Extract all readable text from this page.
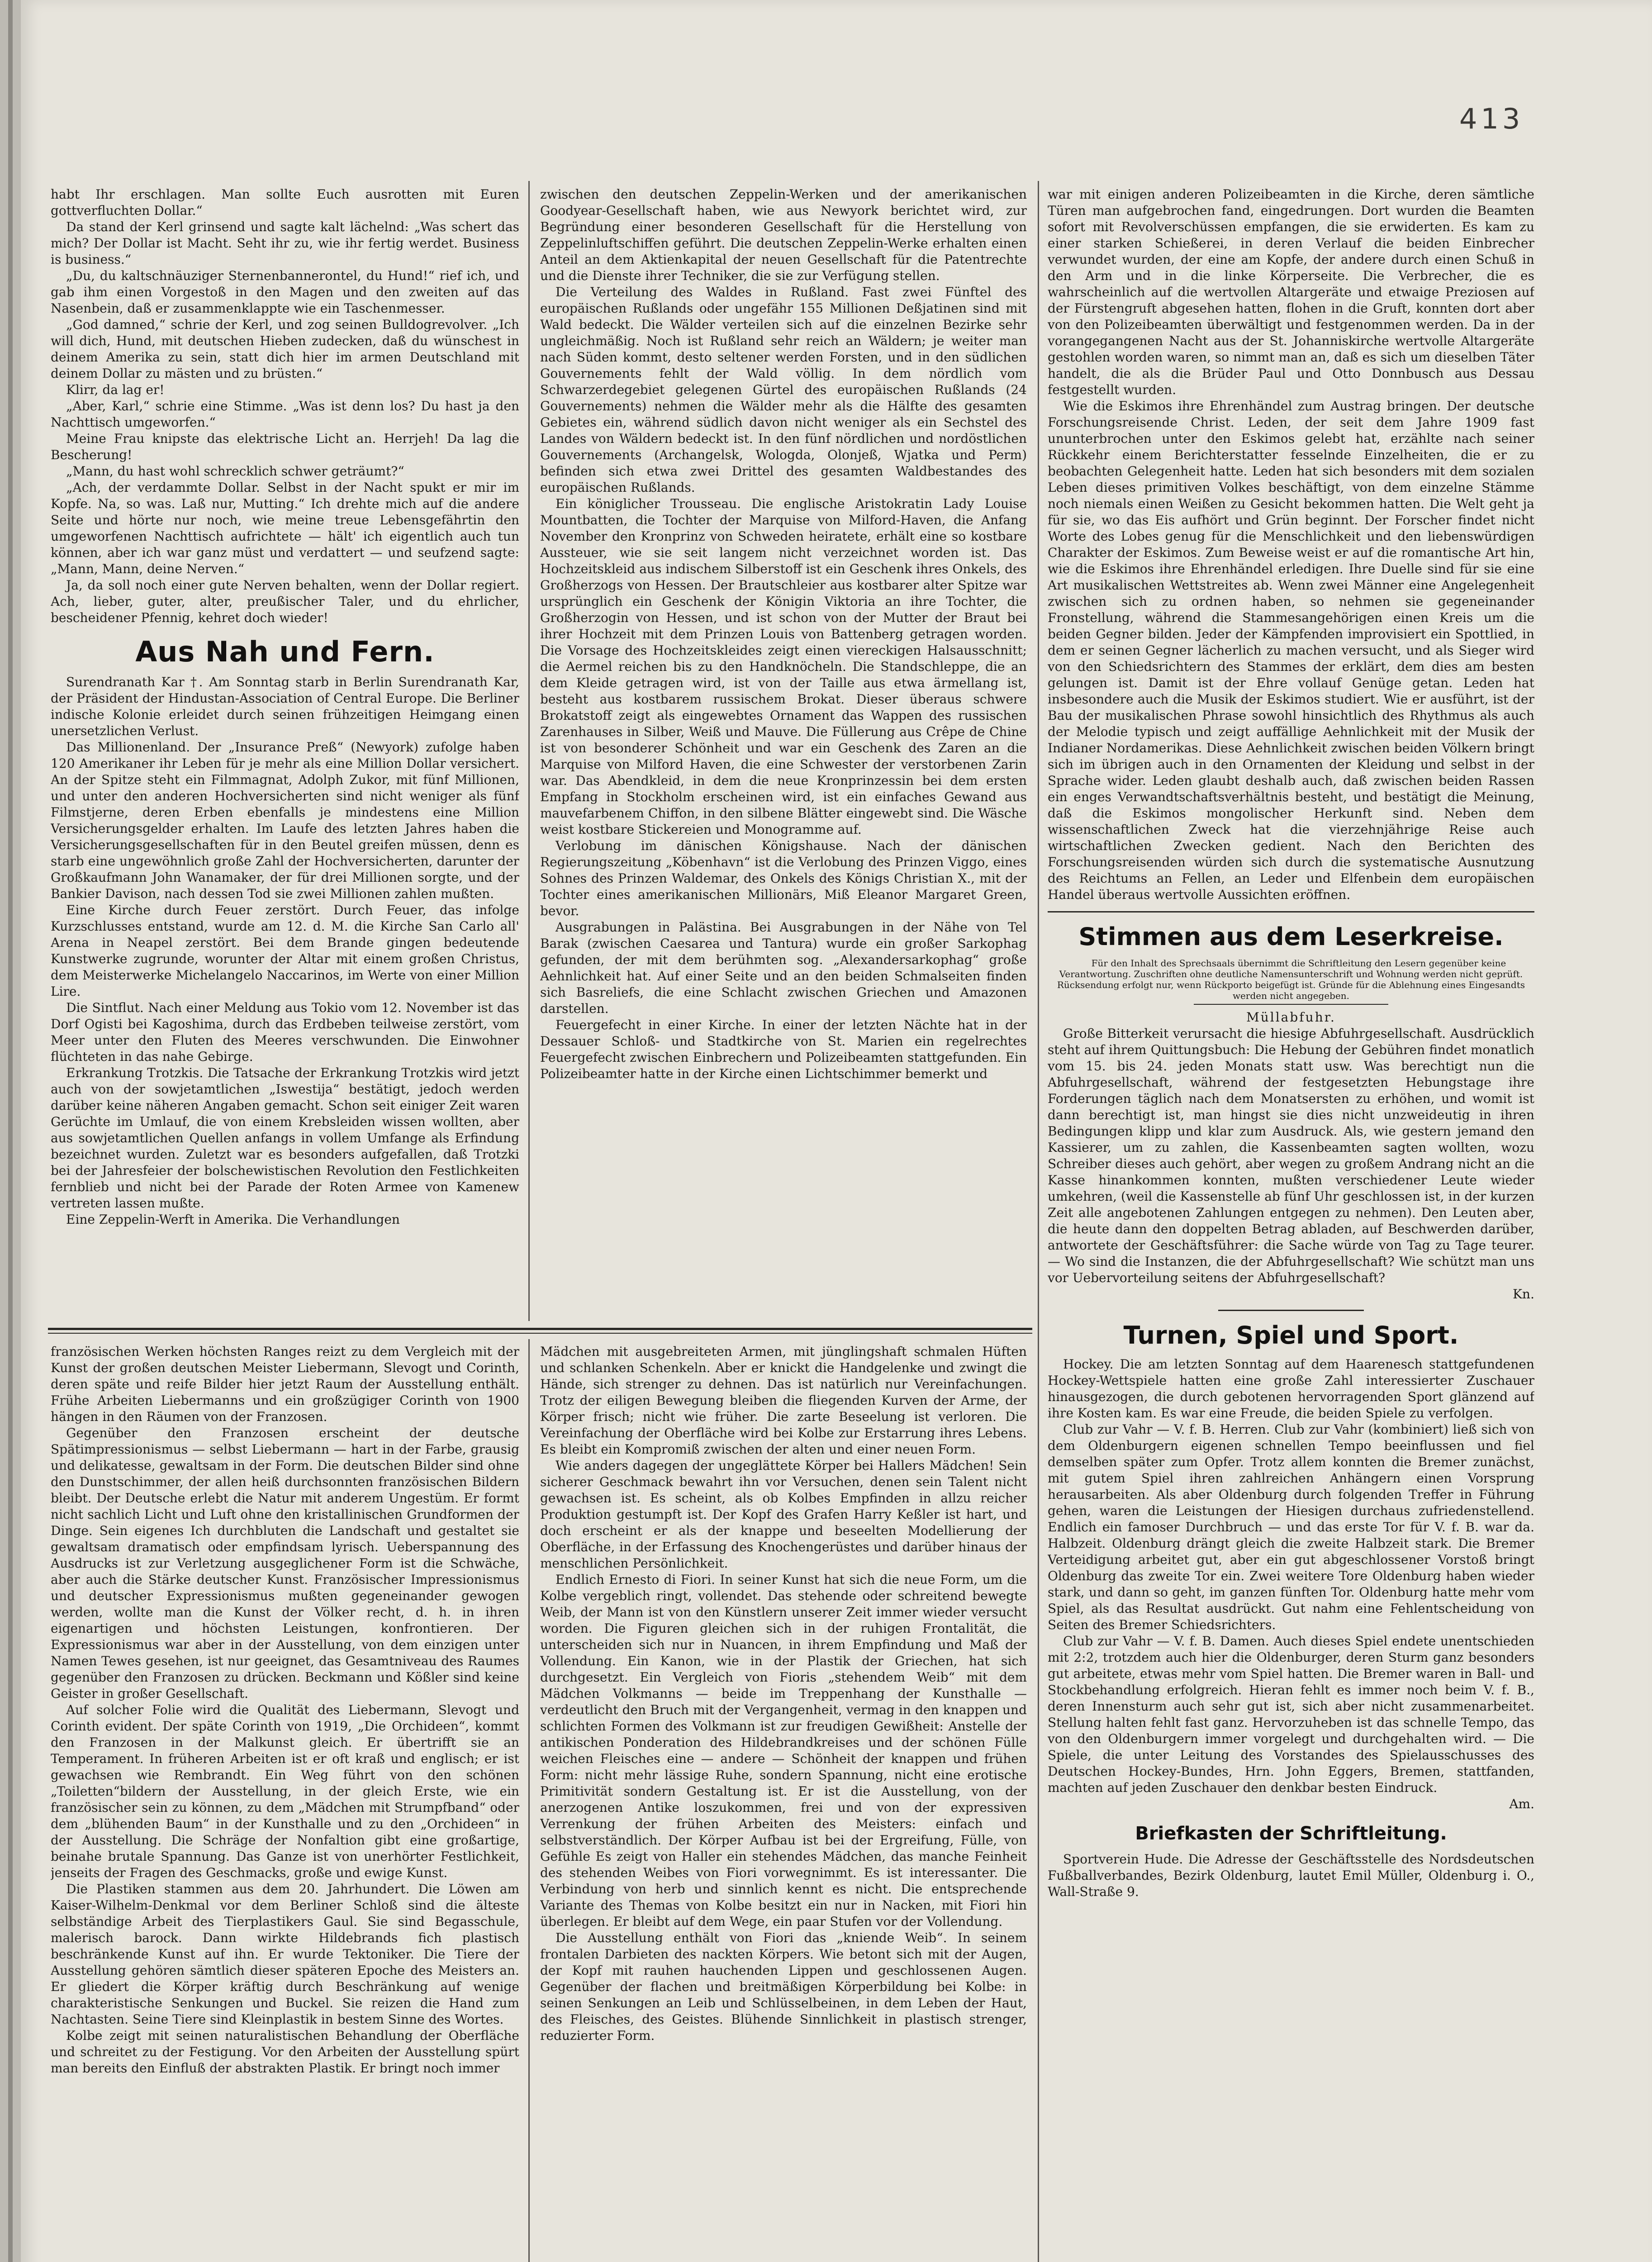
413

habt Ihr erschlagen. Man sollte Euch ausrotten mit Euren gottverfluchten Dollar.“

Da stand der Kerl grinsend und sagte kalt lächelnd: „Was schert das mich? Der Dollar ist Macht. Seht ihr zu, wie ihr fertig werdet. Business is business.“

„Du, du kaltschnäuziger Sternenbannerontel, du Hund!“ rief ich, und gab ihm einen Vorgestoß in den Magen und den zweiten auf das Nasenbein, daß er zusammenklappte wie ein Taschenmesser.

„God damned,“ schrie der Kerl, und zog seinen Bulldogrevolver. „Ich will dich, Hund, mit deutschen Hieben zudecken, daß du wünschest in deinem Amerika zu sein, statt dich hier im armen Deutschland mit deinem Dollar zu mästen und zu brüsten.“

Klirr, da lag er!

„Aber, Karl,“ schrie eine Stimme. „Was ist denn los? Du hast ja den Nachttisch umgeworfen.“

Meine Frau knipste das elektrische Licht an. Herrjeh! Da lag die Bescherung!

„Mann, du hast wohl schrecklich schwer geträumt?“

„Ach, der verdammte Dollar. Selbst in der Nacht spukt er mir im Kopfe. Na, so was. Laß nur, Mutting.“ Ich drehte mich auf die andere Seite und hörte nur noch, wie meine treue Lebensgefährtin den umgeworfenen Nachttisch aufrichtete — hält' ich eigentlich auch tun können, aber ich war ganz müst und verdattert — und seufzend sagte: „Mann, Mann, deine Nerven.“

Ja, da soll noch einer gute Nerven behalten, wenn der Dollar regiert. Ach, lieber, guter, alter, preußischer Taler, und du ehrlicher, bescheidener Pfennig, kehret doch wieder!

Aus Nah und Fern.

Surendranath Kar †. Am Sonntag starb in Berlin Surendranath Kar, der Präsident der Hindustan-Association of Central Europe. Die Berliner indische Kolonie erleidet durch seinen frühzeitigen Heimgang einen unersetzlichen Verlust.

Das Millionenland. Der „Insurance Preß“ (Newyork) zufolge haben 120 Amerikaner ihr Leben für je mehr als eine Million Dollar versichert. An der Spitze steht ein Filmmagnat, Adolph Zukor, mit fünf Millionen, und unter den anderen Hochversicherten sind nicht weniger als fünf Filmstjerne, deren Erben ebenfalls je mindestens eine Million Versicherungsgelder erhalten. Im Laufe des letzten Jahres haben die Versicherungsgesellschaften für in den Beutel greifen müssen, denn es starb eine ungewöhnlich große Zahl der Hochversicherten, darunter der Großkaufmann John Wanamaker, der für drei Millionen sorgte, und der Bankier Davison, nach dessen Tod sie zwei Millionen zahlen mußten.

Eine Kirche durch Feuer zerstört. Durch Feuer, das infolge Kurzschlusses entstand, wurde am 12. d. M. die Kirche San Carlo all' Arena in Neapel zerstört. Bei dem Brande gingen bedeutende Kunstwerke zugrunde, worunter der Altar mit einem großen Christus, dem Meisterwerke Michelangelo Naccarinos, im Werte von einer Million Lire.

Die Sintflut. Nach einer Meldung aus Tokio vom 12. November ist das Dorf Ogisti bei Kagoshima, durch das Erdbeben teilweise zerstört, vom Meer unter den Fluten des Meeres verschwunden. Die Einwohner flüchteten in das nahe Gebirge.

Erkrankung Trotzkis. Die Tatsache der Erkrankung Trotzkis wird jetzt auch von der sowjetamtlichen „Iswestija“ bestätigt, jedoch werden darüber keine näheren Angaben gemacht. Schon seit einiger Zeit waren Gerüchte im Umlauf, die von einem Krebsleiden wissen wollten, aber aus sowjetamtlichen Quellen anfangs in vollem Umfange als Erfindung bezeichnet wurden. Zuletzt war es besonders aufgefallen, daß Trotzki bei der Jahresfeier der bolschewistischen Revolution den Festlichkeiten fernblieb und nicht bei der Parade der Roten Armee von Kamenew vertreten lassen mußte.

Eine Zeppelin-Werft in Amerika. Die Verhandlungen

zwischen den deutschen Zeppelin-Werken und der amerikanischen Goodyear-Gesellschaft haben, wie aus Newyork berichtet wird, zur Begründung einer besonderen Gesellschaft für die Herstellung von Zeppelinluftschiffen geführt. Die deutschen Zeppelin-Werke erhalten einen Anteil an dem Aktienkapital der neuen Gesellschaft für die Patentrechte und die Dienste ihrer Techniker, die sie zur Verfügung stellen.

Die Verteilung des Waldes in Rußland. Fast zwei Fünftel des europäischen Rußlands oder ungefähr 155 Millionen Deßjatinen sind mit Wald bedeckt. Die Wälder verteilen sich auf die einzelnen Bezirke sehr ungleichmäßig. Noch ist Rußland sehr reich an Wäldern; je weiter man nach Süden kommt, desto seltener werden Forsten, und in den südlichen Gouvernements fehlt der Wald völlig. In dem nördlich vom Schwarzerdegebiet gelegenen Gürtel des europäischen Rußlands (24 Gouvernements) nehmen die Wälder mehr als die Hälfte des gesamten Gebietes ein, während südlich davon nicht weniger als ein Sechstel des Landes von Wäldern bedeckt ist. In den fünf nördlichen und nordöstlichen Gouvernements (Archangelsk, Wologda, Olonjeß, Wjatka und Perm) befinden sich etwa zwei Drittel des gesamten Waldbestandes des europäischen Rußlands.

Ein königlicher Trousseau. Die englische Aristokratin Lady Louise Mountbatten, die Tochter der Marquise von Milford-Haven, die Anfang November den Kronprinz von Schweden heiratete, erhält eine so kostbare Aussteuer, wie sie seit langem nicht verzeichnet worden ist. Das Hochzeitskleid aus indischem Silberstoff ist ein Geschenk ihres Onkels, des Großherzogs von Hessen. Der Brautschleier aus kostbarer alter Spitze war ursprünglich ein Geschenk der Königin Viktoria an ihre Tochter, die Großherzogin von Hessen, und ist schon von der Mutter der Braut bei ihrer Hochzeit mit dem Prinzen Louis von Battenberg getragen worden. Die Vorsage des Hochzeitskleides zeigt einen viereckigen Halsausschnitt; die Aermel reichen bis zu den Handknöcheln. Die Standschleppe, die an dem Kleide getragen wird, ist von der Taille aus etwa ärmellang ist, besteht aus kostbarem russischem Brokat. Dieser überaus schwere Brokatstoff zeigt als eingewebtes Ornament das Wappen des russischen Zarenhauses in Silber, Weiß und Mauve. Die Füllerung aus Crêpe de Chine ist von besonderer Schönheit und war ein Geschenk des Zaren an die Marquise von Milford Haven, die eine Schwester der verstorbenen Zarin war. Das Abendkleid, in dem die neue Kronprinzessin bei dem ersten Empfang in Stockholm erscheinen wird, ist ein einfaches Gewand aus mauvefarbenem Chiffon, in den silbene Blätter eingewebt sind. Die Wäsche weist kostbare Stickereien und Monogramme auf.

Verlobung im dänischen Königshause. Nach der dänischen Regierungszeitung „Köbenhavn“ ist die Verlobung des Prinzen Viggo, eines Sohnes des Prinzen Waldemar, des Onkels des Königs Christian X., mit der Tochter eines amerikanischen Millionärs, Miß Eleanor Margaret Green, bevor.

Ausgrabungen in Palästina. Bei Ausgrabungen in der Nähe von Tel Barak (zwischen Caesarea und Tantura) wurde ein großer Sarkophag gefunden, der mit dem berühmten sog. „Alexandersarkophag“ große Aehnlichkeit hat. Auf einer Seite und an den beiden Schmalseiten finden sich Basreliefs, die eine Schlacht zwischen Griechen und Amazonen darstellen.

Feuergefecht in einer Kirche. In einer der letzten Nächte hat in der Dessauer Schloß- und Stadtkirche von St. Marien ein regelrechtes Feuergefecht zwischen Einbrechern und Polizeibeamten stattgefunden. Ein Polizeibeamter hatte in der Kirche einen Lichtschimmer bemerkt und

französischen Werken höchsten Ranges reizt zu dem Vergleich mit der Kunst der großen deutschen Meister Liebermann, Slevogt und Corinth, deren späte und reife Bilder hier jetzt Raum der Ausstellung enthält. Frühe Arbeiten Liebermanns und ein großzügiger Corinth von 1900 hängen in den Räumen von der Franzosen.

Gegenüber den Franzosen erscheint der deutsche Spätimpressionismus — selbst Liebermann — hart in der Farbe, grausig und delikatesse, gewaltsam in der Form. Die deutschen Bilder sind ohne den Dunstschimmer, der allen heiß durchsonnten französischen Bildern bleibt. Der Deutsche erlebt die Natur mit anderem Ungestüm. Er formt nicht sachlich Licht und Luft ohne den kristallinischen Grundformen der Dinge. Sein eigenes Ich durchbluten die Landschaft und gestaltet sie gewaltsam dramatisch oder empfindsam lyrisch. Ueberspannung des Ausdrucks ist zur Verletzung ausgeglichener Form ist die Schwäche, aber auch die Stärke deutscher Kunst. Französischer Impressionismus und deutscher Expressionismus mußten gegeneinander gewogen werden, wollte man die Kunst der Völker recht, d. h. in ihren eigenartigen und höchsten Leistungen, konfrontieren. Der Expressionismus war aber in der Ausstellung, von dem einzigen unter Namen Tewes gesehen, ist nur geeignet, das Gesamtniveau des Raumes gegenüber den Franzosen zu drücken. Beckmann und Kößler sind keine Geister in großer Gesellschaft.

Auf solcher Folie wird die Qualität des Liebermann, Slevogt und Corinth evident. Der späte Corinth von 1919, „Die Orchideen“, kommt den Franzosen in der Malkunst gleich. Er übertrifft sie an Temperament. In früheren Arbeiten ist er oft kraß und englisch; er ist gewachsen wie Rembrandt. Ein Weg führt von den schönen „Toiletten“bildern der Ausstellung, in der gleich Erste, wie ein französischer sein zu können, zu dem „Mädchen mit Strumpfband“ oder dem „blühenden Baum“ in der Kunsthalle und zu den „Orchideen“ in der Ausstellung. Die Schräge der Nonfaltion gibt eine großartige, beinahe brutale Spannung. Das Ganze ist von unerhörter Festlichkeit, jenseits der Fragen des Geschmacks, große und ewige Kunst.

Die Plastiken stammen aus dem 20. Jahrhundert. Die Löwen am Kaiser-Wilhelm-Denkmal vor dem Berliner Schloß sind die älteste selbständige Arbeit des Tierplastikers Gaul. Sie sind Begasschule, malerisch barock. Dann wirkte Hildebrands fich plastisch beschränkende Kunst auf ihn. Er wurde Tektoniker. Die Tiere der Ausstellung gehören sämtlich dieser späteren Epoche des Meisters an. Er gliedert die Körper kräftig durch Beschränkung auf wenige charakteristische Senkungen und Buckel. Sie reizen die Hand zum Nachtasten. Seine Tiere sind Kleinplastik in bestem Sinne des Wortes.

Kolbe zeigt mit seinen naturalistischen Behandlung der Oberfläche und schreitet zu der Festigung. Vor den Arbeiten der Ausstellung spürt man bereits den Einfluß der abstrakten Plastik. Er bringt noch immer

Mädchen mit ausgebreiteten Armen, mit jünglingshaft schmalen Hüften und schlanken Schenkeln. Aber er knickt die Handgelenke und zwingt die Hände, sich strenger zu dehnen. Das ist natürlich nur Vereinfachungen. Trotz der eiligen Bewegung bleiben die fliegenden Kurven der Arme, der Körper frisch; nicht wie früher. Die zarte Beseelung ist verloren. Die Vereinfachung der Oberfläche wird bei Kolbe zur Erstarrung ihres Lebens. Es bleibt ein Kompromiß zwischen der alten und einer neuen Form.

Wie anders dagegen der ungeglättete Körper bei Hallers Mädchen! Sein sicherer Geschmack bewahrt ihn vor Versuchen, denen sein Talent nicht gewachsen ist. Es scheint, als ob Kolbes Empfinden in allzu reicher Produktion gestumpft ist. Der Kopf des Grafen Harry Keßler ist hart, und doch erscheint er als der knappe und beseelten Modellierung der Oberfläche, in der Erfassung des Knochengerüstes und darüber hinaus der menschlichen Persönlichkeit.

Endlich Ernesto di Fiori. In seiner Kunst hat sich die neue Form, um die Kolbe vergeblich ringt, vollendet. Das stehende oder schreitend bewegte Weib, der Mann ist von den Künstlern unserer Zeit immer wieder versucht worden. Die Figuren gleichen sich in der ruhigen Frontalität, die unterscheiden sich nur in Nuancen, in ihrem Empfindung und Maß der Vollendung. Ein Kanon, wie in der Plastik der Griechen, hat sich durchgesetzt. Ein Vergleich von Fioris „stehendem Weib“ mit dem Mädchen Volkmanns — beide im Treppenhang der Kunsthalle — verdeutlicht den Bruch mit der Vergangenheit, vermag in den knappen und schlichten Formen des Volkmann ist zur freudigen Gewißheit: Anstelle der antikischen Ponderation des Hildebrandkreises und der schönen Fülle weichen Fleisches eine — andere — Schönheit der knappen und frühen Form: nicht mehr lässige Ruhe, sondern Spannung, nicht eine erotische Primitivität sondern Gestaltung ist. Er ist die Ausstellung, von der anerzogenen Antike loszukommen, frei und von der expressiven Verrenkung der frühen Arbeiten des Meisters: einfach und selbstverständlich. Der Körper Aufbau ist bei der Ergreifung, Fülle, von Gefühle Es zeigt von Haller ein stehendes Mädchen, das manche Feinheit des stehenden Weibes von Fiori vorwegnimmt. Es ist interessanter. Die Verbindung von herb und sinnlich kennt es nicht. Die entsprechende Variante des Themas von Kolbe besitzt ein nur in Nacken, mit Fiori hin überlegen. Er bleibt auf dem Wege, ein paar Stufen vor der Vollendung.

Die Ausstellung enthält von Fiori das „kniende Weib“. In seinem frontalen Darbieten des nackten Körpers. Wie betont sich mit der Augen, der Kopf mit rauhen hauchenden Lippen und geschlossenen Augen. Gegenüber der flachen und breitmäßigen Körperbildung bei Kolbe: in seinen Senkungen an Leib und Schlüsselbeinen, in dem Leben der Haut, des Fleisches, des Geistes. Blühende Sinnlichkeit in plastisch strenger, reduzierter Form.

war mit einigen anderen Polizeibeamten in die Kirche, deren sämtliche Türen man aufgebrochen fand, eingedrungen. Dort wurden die Beamten sofort mit Revolverschüssen empfangen, die sie erwiderten. Es kam zu einer starken Schießerei, in deren Verlauf die beiden Einbrecher verwundet wurden, der eine am Kopfe, der andere durch einen Schuß in den Arm und in die linke Körperseite. Die Verbrecher, die es wahrscheinlich auf die wertvollen Altargeräte und etwaige Preziosen auf der Fürstengruft abgesehen hatten, flohen in die Gruft, konnten dort aber von den Polizeibeamten überwältigt und festgenommen werden. Da in der vorangegangenen Nacht aus der St. Johanniskirche wertvolle Altargeräte gestohlen worden waren, so nimmt man an, daß es sich um dieselben Täter handelt, die als die Brüder Paul und Otto Donnbusch aus Dessau festgestellt wurden.

Wie die Eskimos ihre Ehrenhändel zum Austrag bringen. Der deutsche Forschungsreisende Christ. Leden, der seit dem Jahre 1909 fast ununterbrochen unter den Eskimos gelebt hat, erzählte nach seiner Rückkehr einem Berichterstatter fesselnde Einzelheiten, die er zu beobachten Gelegenheit hatte. Leden hat sich besonders mit dem sozialen Leben dieses primitiven Volkes beschäftigt, von dem einzelne Stämme noch niemals einen Weißen zu Gesicht bekommen hatten. Die Welt geht ja für sie, wo das Eis aufhört und Grün beginnt. Der Forscher findet nicht Worte des Lobes genug für die Menschlichkeit und den liebenswürdigen Charakter der Eskimos. Zum Beweise weist er auf die romantische Art hin, wie die Eskimos ihre Ehrenhändel erledigen. Ihre Duelle sind für sie eine Art musikalischen Wettstreites ab. Wenn zwei Männer eine Angelegenheit zwischen sich zu ordnen haben, so nehmen sie gegeneinander Fronstellung, während die Stammesangehörigen einen Kreis um die beiden Gegner bilden. Jeder der Kämpfenden improvisiert ein Spottlied, in dem er seinen Gegner lächerlich zu machen versucht, und als Sieger wird von den Schiedsrichtern des Stammes der erklärt, dem dies am besten gelungen ist. Damit ist der Ehre vollauf Genüge getan. Leden hat insbesondere auch die Musik der Eskimos studiert. Wie er ausführt, ist der Bau der musikalischen Phrase sowohl hinsichtlich des Rhythmus als auch der Melodie typisch und zeigt auffällige Aehnlichkeit mit der Musik der Indianer Nordamerikas. Diese Aehnlichkeit zwischen beiden Völkern bringt sich im übrigen auch in den Ornamenten der Kleidung und selbst in der Sprache wider. Leden glaubt deshalb auch, daß zwischen beiden Rassen ein enges Verwandtschaftsverhältnis besteht, und bestätigt die Meinung, daß die Eskimos mongolischer Herkunft sind. Neben dem wissenschaftlichen Zweck hat die vierzehnjährige Reise auch wirtschaftlichen Zwecken gedient. Nach den Berichten des Forschungsreisenden würden sich durch die systematische Ausnutzung des Reichtums an Fellen, an Leder und Elfenbein dem europäischen Handel überaus wertvolle Aussichten eröffnen.

Stimmen aus dem Leserkreise.

Für den Inhalt des Sprechsaals übernimmt die Schriftleitung den Lesern gegenüber keine Verantwortung. Zuschriften ohne deutliche Namensunterschrift und Wohnung werden nicht geprüft. Rücksendung erfolgt nur, wenn Rückporto beigefügt ist. Gründe für die Ablehnung eines Eingesandts werden nicht angegeben.

Müllabfuhr.

Große Bitterkeit verursacht die hiesige Abfuhrgesellschaft. Ausdrücklich steht auf ihrem Quittungsbuch: Die Hebung der Gebühren findet monatlich vom 15. bis 24. jeden Monats statt usw. Was berechtigt nun die Abfuhrgesellschaft, während der festgesetzten Hebungstage ihre Forderungen täglich nach dem Monatsersten zu erhöhen, und womit ist dann berechtigt ist, man hingst sie dies nicht unzweideutig in ihren Bedingungen klipp und klar zum Ausdruck. Als, wie gestern jemand den Kassierer, um zu zahlen, die Kassenbeamten sagten wollten, wozu Schreiber dieses auch gehört, aber wegen zu großem Andrang nicht an die Kasse hinankommen konnten, mußten verschiedener Leute wieder umkehren, (weil die Kassenstelle ab fünf Uhr geschlossen ist, in der kurzen Zeit alle angebotenen Zahlungen entgegen zu nehmen). Den Leuten aber, die heute dann den doppelten Betrag abladen, auf Beschwerden darüber, antwortete der Geschäftsführer: die Sache würde von Tag zu Tage teurer. — Wo sind die Instanzen, die der Abfuhrgesellschaft? Wie schützt man uns vor Uebervorteilung seitens der Abfuhrgesellschaft?

Kn.

Turnen, Spiel und Sport.

Hockey. Die am letzten Sonntag auf dem Haarenesch stattgefundenen Hockey-Wettspiele hatten eine große Zahl interessierter Zuschauer hinausgezogen, die durch gebotenen hervorragenden Sport glänzend auf ihre Kosten kam. Es war eine Freude, die beiden Spiele zu verfolgen.

Club zur Vahr — V. f. B. Herren. Club zur Vahr (kombiniert) ließ sich von dem Oldenburgern eigenen schnellen Tempo beeinflussen und fiel demselben später zum Opfer. Trotz allem konnten die Bremer zunächst, mit gutem Spiel ihren zahlreichen Anhängern einen Vorsprung herausarbeiten. Als aber Oldenburg durch folgenden Treffer in Führung gehen, waren die Leistungen der Hiesigen durchaus zufriedenstellend. Endlich ein famoser Durchbruch — und das erste Tor für V. f. B. war da. Halbzeit. Oldenburg drängt gleich die zweite Halbzeit stark. Die Bremer Verteidigung arbeitet gut, aber ein gut abgeschlossener Vorstoß bringt Oldenburg das zweite Tor ein. Zwei weitere Tore Oldenburg haben wieder stark, und dann so geht, im ganzen fünften Tor. Oldenburg hatte mehr vom Spiel, als das Resultat ausdrückt. Gut nahm eine Fehlentscheidung von Seiten des Bremer Schiedsrichters.

Club zur Vahr — V. f. B. Damen. Auch dieses Spiel endete unentschieden mit 2:2, trotzdem auch hier die Oldenburger, deren Sturm ganz besonders gut arbeitete, etwas mehr vom Spiel hatten. Die Bremer waren in Ball- und Stockbehandlung erfolgreich. Hieran fehlt es immer noch beim V. f. B., deren Innensturm auch sehr gut ist, sich aber nicht zusammenarbeitet. Stellung halten fehlt fast ganz. Hervorzuheben ist das schnelle Tempo, das von den Oldenburgern immer vorgelegt und durchgehalten wird. — Die Spiele, die unter Leitung des Vorstandes des Spielausschusses des Deutschen Hockey-Bundes, Hrn. John Eggers, Bremen, stattfanden, machten auf jeden Zuschauer den denkbar besten Eindruck.

Am.

Briefkasten der Schriftleitung.

Sportverein Hude. Die Adresse der Geschäftsstelle des Nordsdeutschen Fußballverbandes, Bezirk Oldenburg, lautet Emil Müller, Oldenburg i. O., Wall-Straße 9.
